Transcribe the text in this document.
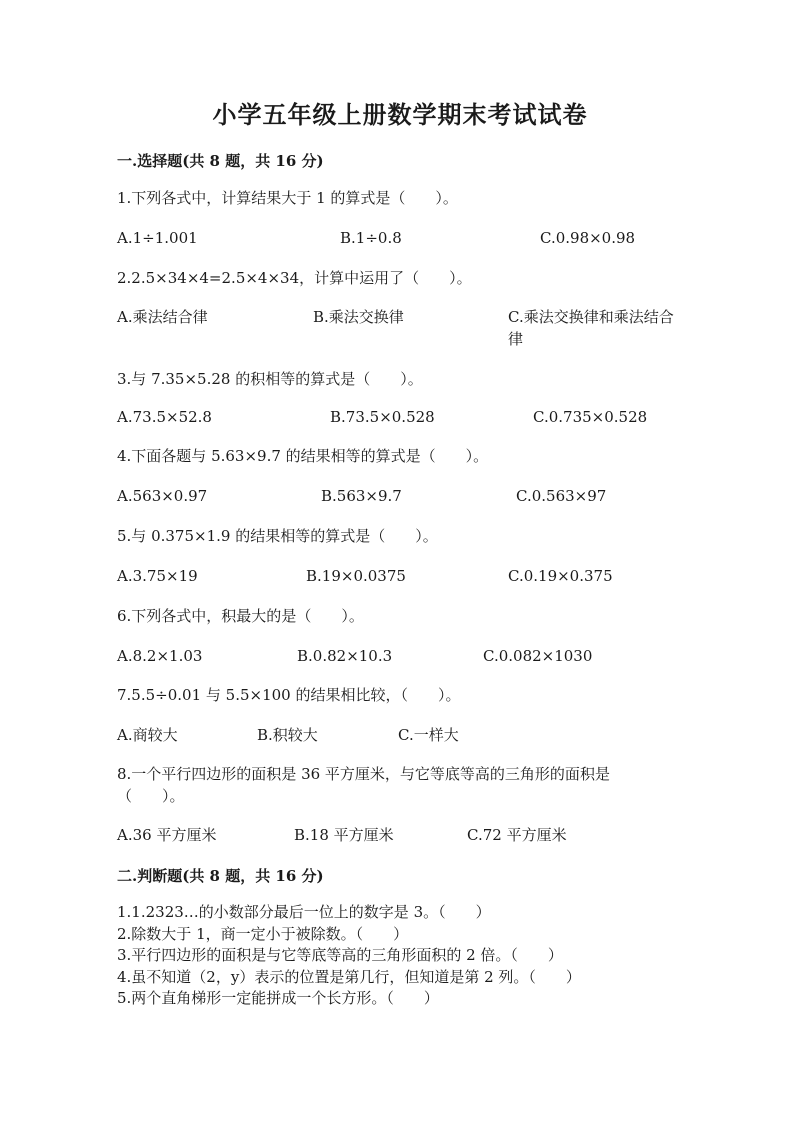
小学五年级上册数学期末考试试卷
一.选择题(共 8 题，共 16 分)
1.下列各式中，计算结果大于 1 的算式是（　　）。
A.1÷1.001	B.1÷0.8	C.0.98×0.98
2.2.5×34×4=2.5×4×34，计算中运用了（　　）。
A.乘法结合律	B.乘法交换律	C.乘法交换律和乘法结合律
3.与 7.35×5.28 的积相等的算式是（　　）。
A.73.5×52.8	B.73.5×0.528	C.0.735×0.528
4.下面各题与 5.63×9.7 的结果相等的算式是（　　）。
A.563×0.97	B.563×9.7	C.0.563×97
5.与 0.375×1.9 的结果相等的算式是（　　）。
A.3.75×19	B.19×0.0375	C.0.19×0.375
6.下列各式中，积最大的是（　　）。
A.8.2×1.03	B.0.82×10.3	C.0.082×1030
7.5.5÷0.01 与 5.5×100 的结果相比较，（　　）。
A.商较大	B.积较大	C.一样大
8.一个平行四边形的面积是 36 平方厘米，与它等底等高的三角形的面积是（　　）。
A.36 平方厘米	B.18 平方厘米	C.72 平方厘米
二.判断题(共 8 题，共 16 分)
1.1.2323…的小数部分最后一位上的数字是 3。（　　）
2.除数大于 1，商一定小于被除数。（　　）
3.平行四边形的面积是与它等底等高的三角形面积的 2 倍。（　　）
4.虽不知道（2，y）表示的位置是第几行，但知道是第 2 列。（　　）
5.两个直角梯形一定能拼成一个长方形。（　　）
